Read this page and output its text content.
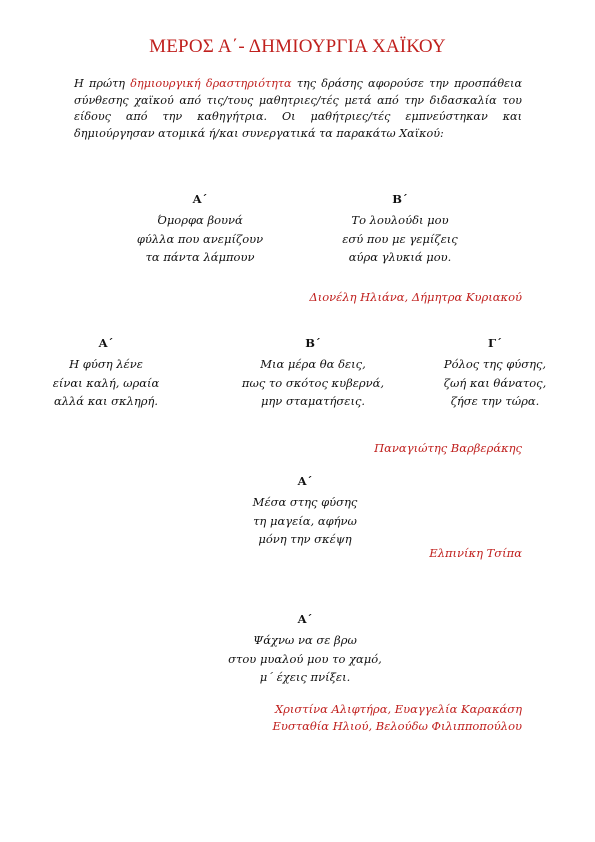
ΜΕΡΟΣ Α΄- ΔΗΜΙΟΥΡΓΙΑ ΧΑΪΚΟΥ

Η πρώτη δημιουργική δραστηριότητα της δράσης αφορούσε την προσπάθεια σύνθεσης χαϊκού από τις/τους μαθητριες/τές μετά από την διδασκαλία του είδους από την καθηγήτρια. Οι μαθήτριες/τές εμπνεύστηκαν και δημιούργησαν ατομικά ή/και συνεργατικά τα παρακάτω Χαϊκού:

Α΄
Όμορφα βουνά
φύλλα που ανεμίζουν
τα πάντα λάμπουν
Β΄
Το λουλούδι μου
εσύ που με γεμίζεις
αύρα γλυκιά μου.
Διονέλη Ηλιάνα, Δήμητρα Κυριακού
Α΄
Η φύση λένε
είναι καλή, ωραία
αλλά και σκληρή.
Β΄
Μια μέρα θα δεις,
πως το σκότος κυβερνά,
μην σταματήσεις.
Γ΄
Ρόλος της φύσης,
ζωή και θάνατος,
ζήσε την τώρα.
Παναγιώτης Βαρβεράκης
Α΄
Μέσα στης φύσης
τη μαγεία, αφήνω
μόνη την σκέψη
Ελπινίκη Τσίπα
Α΄
Ψάχνω να σε βρω
στου μυαλού μου το χαμό,
μ΄ έχεις πνίξει.
Χριστίνα Αλιφτήρα, Ευαγγελία Καρακάση
Ευσταθία Ηλιού, Βελούδω Φιλιπποπούλου
